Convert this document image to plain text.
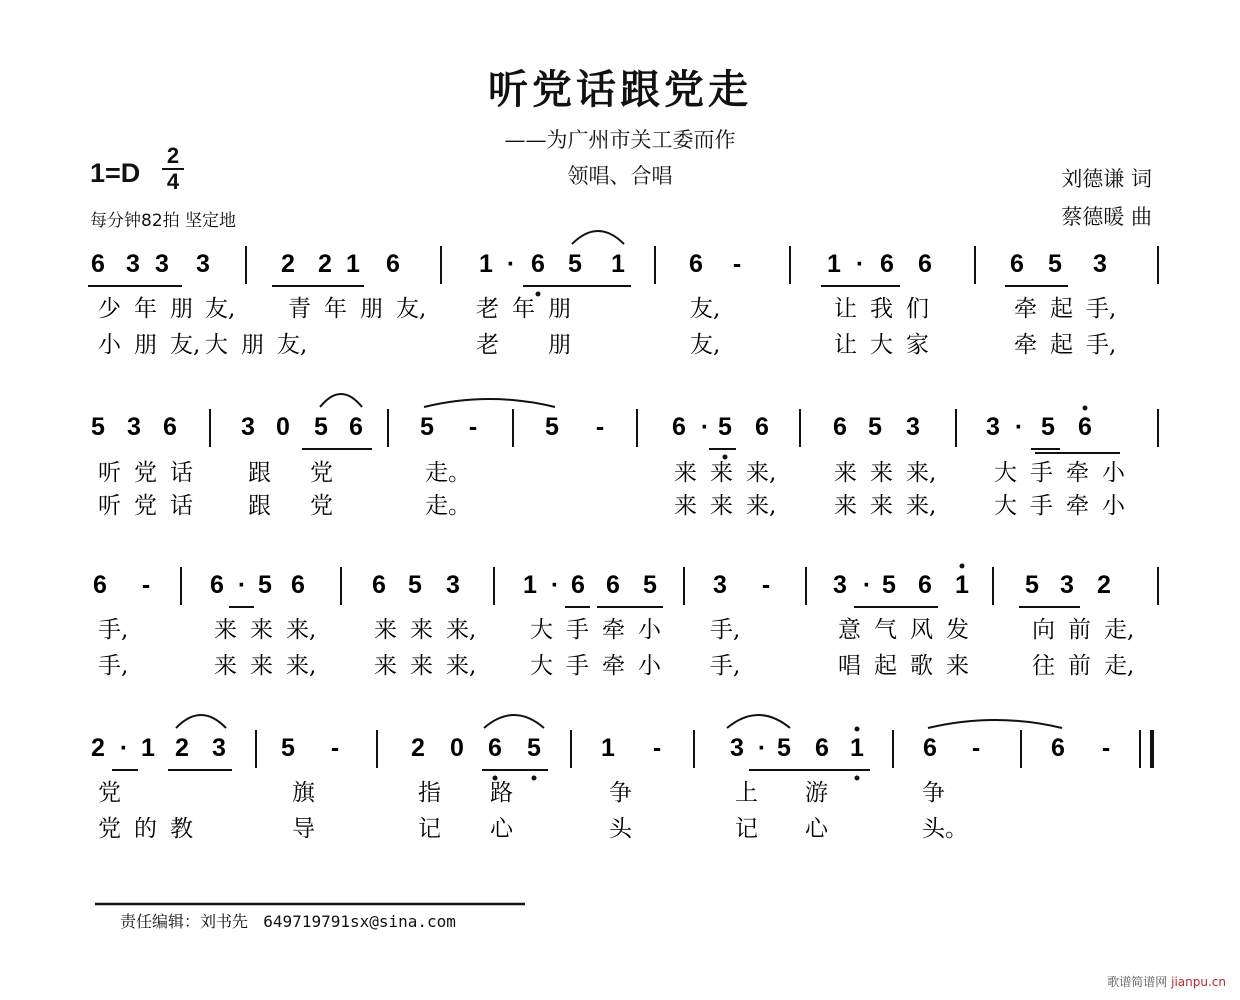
听党话跟党走
——为广州市关工委而作
领唱、合唱
1=D
2
4
每分钟82拍 坚定地
刘德谦 词
蔡德暖 曲
6 3 3 3	2 2 1 6	1 · 6 5 1	6 -	1 · 6 6	6 5 3
5 3 6	3 0 5 6 5 -	5 -	6 · 5 6	6 5 3	3 · 5 6
6 - 6 · 5 6	6 5 3	1 · 6 6 5 3 -	3 · 5 6 1 5 3 2
2 · 1 2 3 5 -	2 0 6 5 1 -	3 · 5 6 1 6 -	6 -
少 年 朋 友, 青 年 朋 友, 老 年 朋	友,	让 我 们	牵 起 手,
小 朋 友, 大 朋 友,	老 朋	友,	让 大 家	牵 起 手,
听 党 话 跟 党	走。	来 来 来,	来 来 来,	大 手 牵 小
听 党 话 跟 党	走。	来 来 来,	来 来 来,	大 手 牵 小
手,	来 来 来,	来 来 来, 大 手 牵 小 手,	意 气 风 发	向 前 走,
手,	来 来 来,	来 来 来, 大 手 牵 小 手,	唱 起 歌 来	往 前 走,
党	旗	指 路	争	上 游	争
党 的 教	导	记 心	头	记 心	头。
责任编辑：刘书先 649719791sx@sina.com
歌谱简谱网 jianpu.cn
